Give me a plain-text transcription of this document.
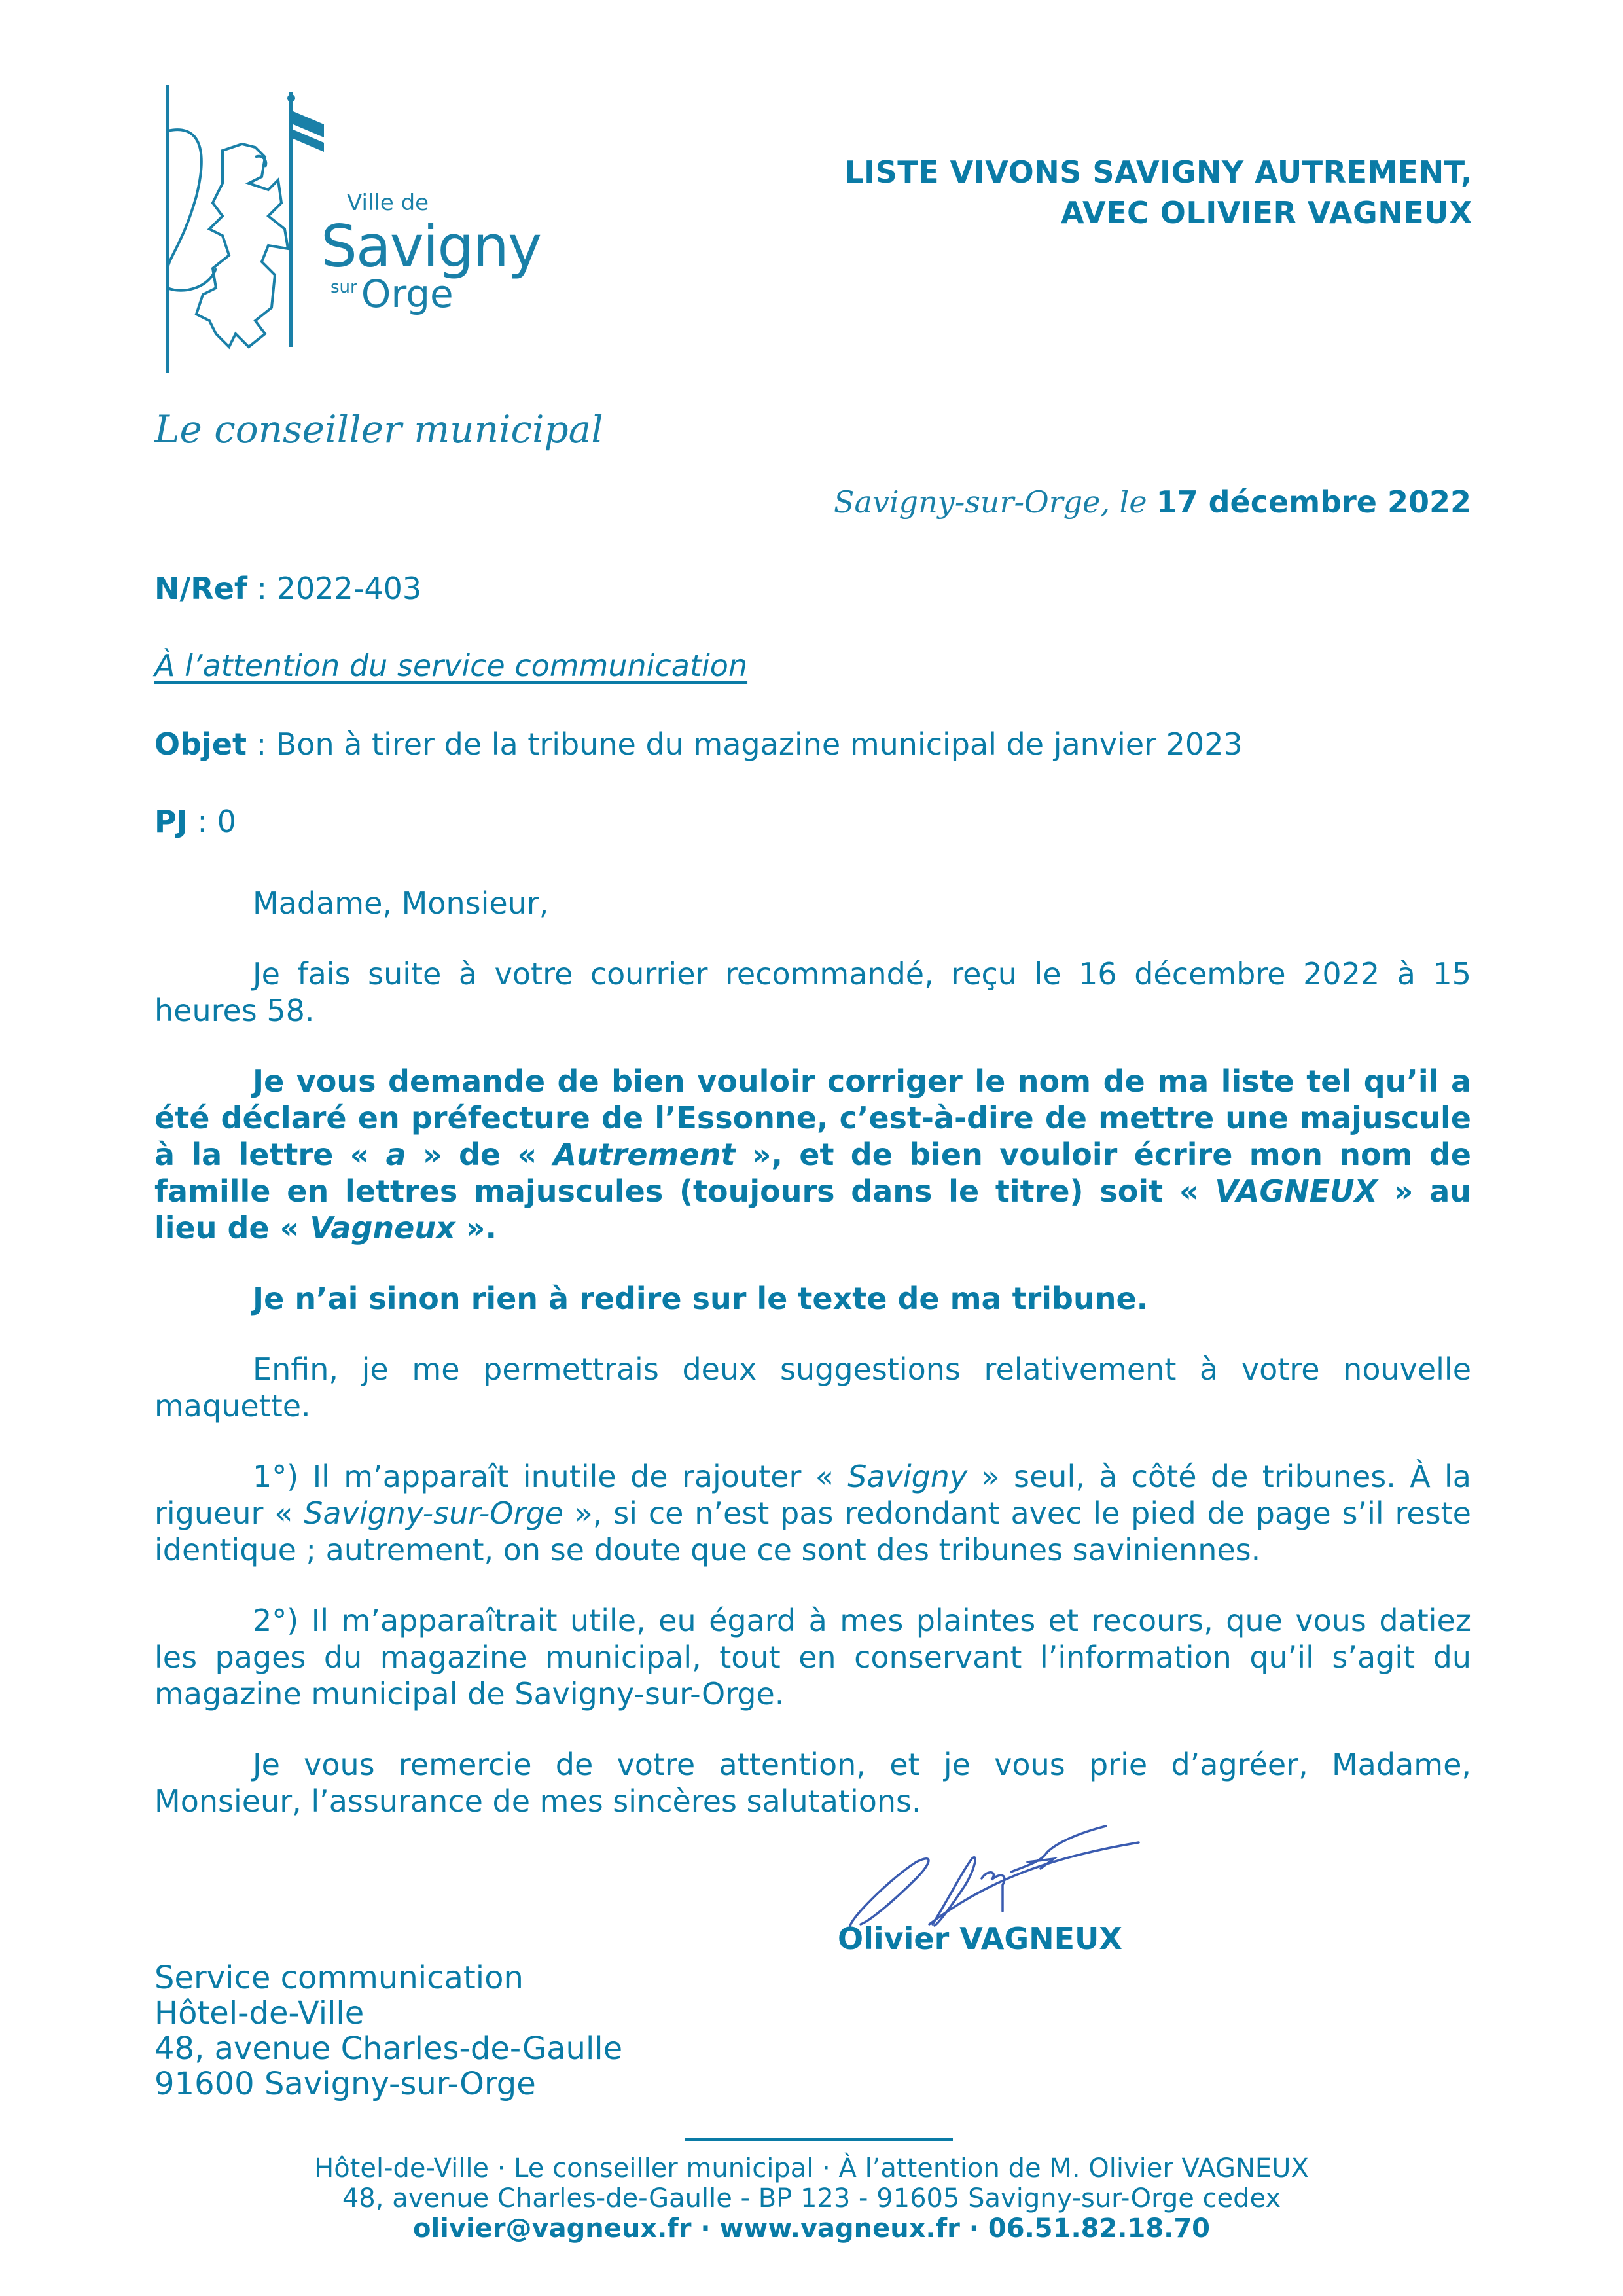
Ville de
Savigny
$^{sur}$ Orge
LISTE VIVONS SAVIGNY AUTREMENT,
AVEC OLIVIER VAGNEUX
Le conseiller municipal
Savigny-sur-Orge, le 17 décembre 2022
N/Ref : 2022-403
À l’attention du service communication
Objet : Bon à tirer de la tribune du magazine municipal de janvier 2023
PJ : 0

Madame, Monsieur,

Je fais suite à votre courrier recommandé, reçu le 16 décembre 2022 à 15 heures 58.

Je vous demande de bien vouloir corriger le nom de ma liste tel qu’il a été déclaré en préfecture de l’Essonne, c’est-à-dire de mettre une majuscule à la lettre « a » de « Autrement », et de bien vouloir écrire mon nom de famille en lettres majuscules (toujours dans le titre) soit « VAGNEUX » au lieu de « Vagneux ».

Je n’ai sinon rien à redire sur le texte de ma tribune.

Enfin, je me permettrais deux suggestions relativement à votre nouvelle maquette.

1°) Il m’apparaît inutile de rajouter « Savigny » seul, à côté de tribunes. À la rigueur « Savigny-sur-Orge », si ce n’est pas redondant avec le pied de page s’il reste identique ; autrement, on se doute que ce sont des tribunes saviniennes.

2°) Il m’apparaîtrait utile, eu égard à mes plaintes et recours, que vous datiez les pages du magazine municipal, tout en conservant l’information qu’il s’agit du magazine municipal de Savigny-sur-Orge.

Je vous remercie de votre attention, et je vous prie d’agréer, Madame, Monsieur, l’assurance de mes sincères salutations.

Olivier VAGNEUX
Service communication
Hôtel-de-Ville
48, avenue Charles-de-Gaulle
91600 Savigny-sur-Orge
Hôtel-de-Ville · Le conseiller municipal · À l’attention de M. Olivier VAGNEUX
48, avenue Charles-de-Gaulle - BP 123 - 91605 Savigny-sur-Orge cedex
olivier@vagneux.fr · www.vagneux.fr · 06.51.82.18.70
